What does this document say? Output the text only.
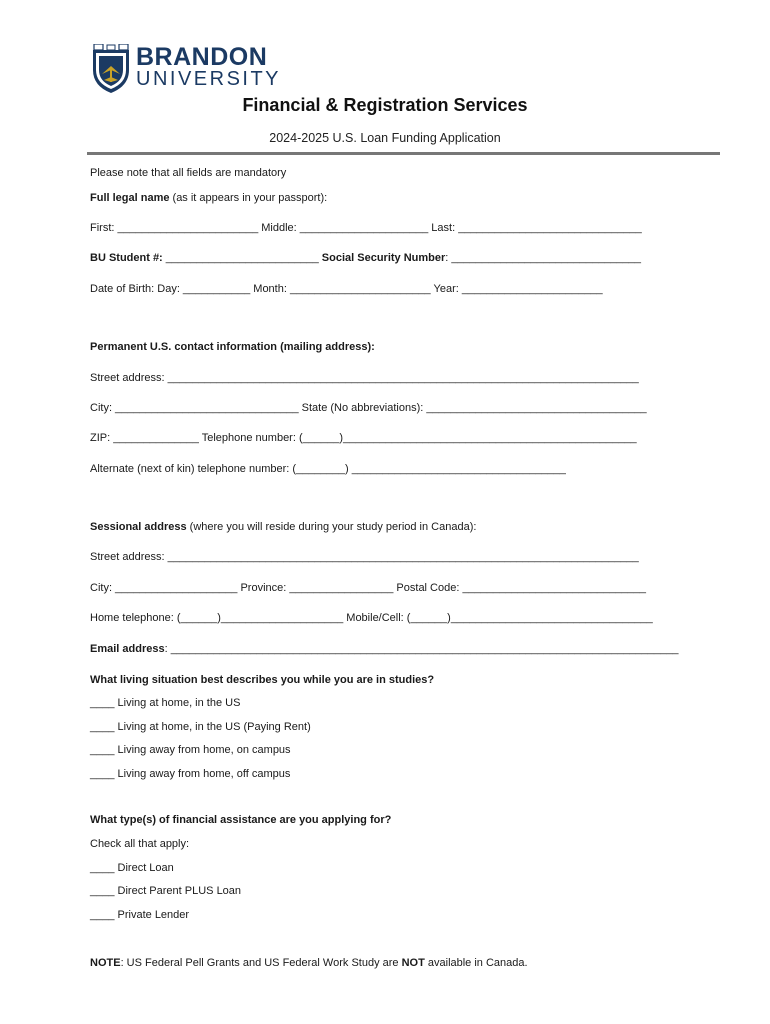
BRANDON
UNIVERSITY
Financial & Registration Services
2024-2025 U.S. Loan Funding Application
Please note that all fields are mandatory
Full legal name (as it appears in your passport):
First: _______________________ Middle: _____________________ Last: ______________________________
BU Student #: _________________________ Social Security Number: _______________________________
Date of Birth: Day: ___________ Month: _______________________ Year: _______________________
Permanent U.S. contact information (mailing address):
Street address: _____________________________________________________________________________
City: ______________________________ State (No abbreviations): ____________________________________
ZIP: ______________ Telephone number: (______)________________________________________________
Alternate (next of kin) telephone number: (________) ___________________________________
Sessional address (where you will reside during your study period in Canada):
Street address: _____________________________________________________________________________
City: ____________________ Province: _________________ Postal Code: ______________________________
Home telephone: (______)____________________ Mobile/Cell: (______)_________________________________
Email address: ___________________________________________________________________________________
What living situation best describes you while you are in studies?
____ Living at home, in the US
____ Living at home, in the US (Paying Rent)
____ Living away from home, on campus
____ Living away from home, off campus
What type(s) of financial assistance are you applying for?
Check all that apply:
____ Direct Loan
____ Direct Parent PLUS Loan
____ Private Lender
NOTE: US Federal Pell Grants and US Federal Work Study are NOT available in Canada.
